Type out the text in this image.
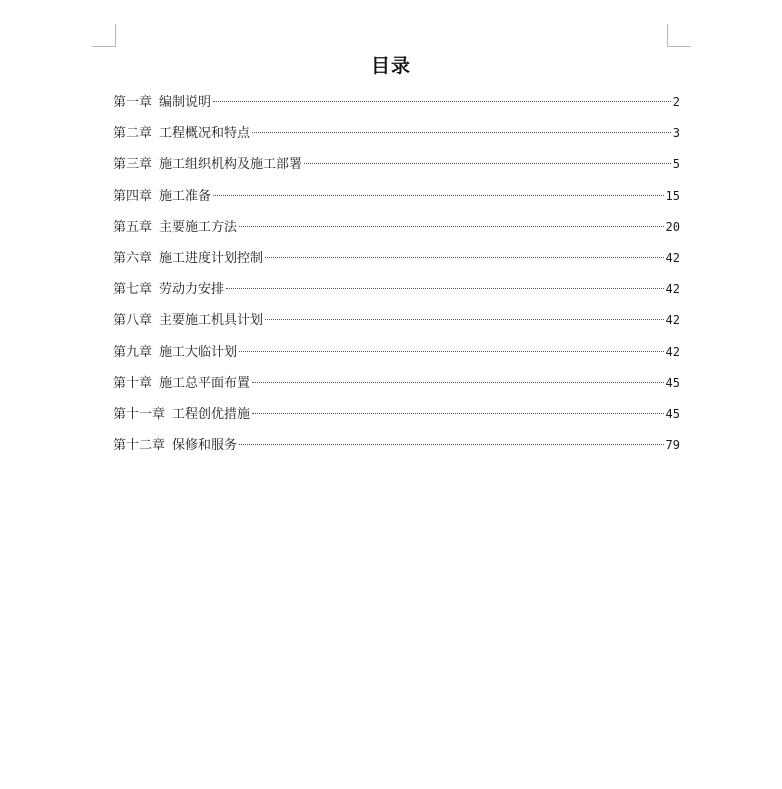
目录
第一章 编制说明	2
第二章 工程概况和特点	3
第三章 施工组织机构及施工部署	5
第四章 施工准备	15
第五章 主要施工方法	20
第六章 施工进度计划控制	42
第七章 劳动力安排	42
第八章 主要施工机具计划	42
第九章 施工大临计划	42
第十章 施工总平面布置	45
第十一章 工程创优措施	45
第十二章 保修和服务	79
